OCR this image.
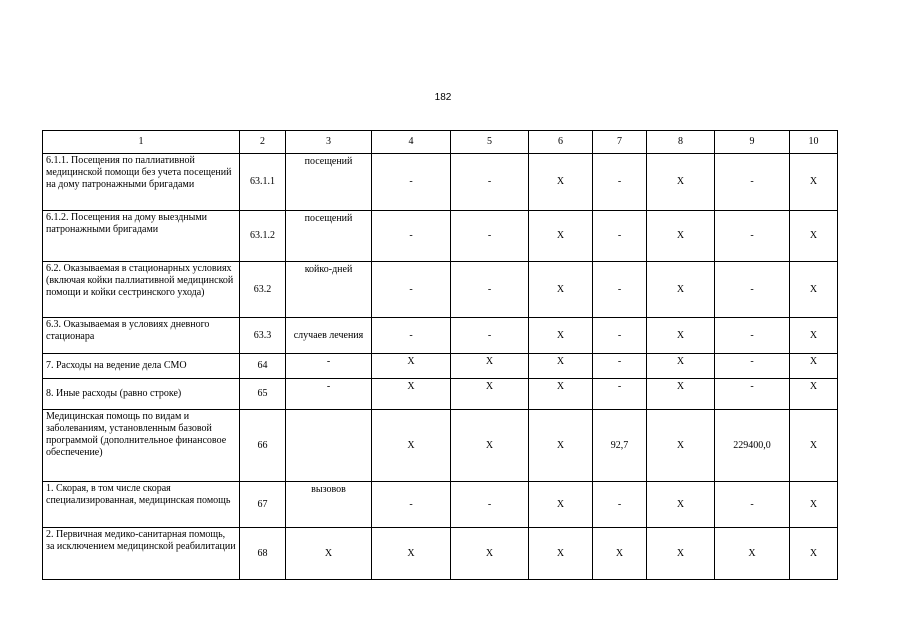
182
1	2	3	4	5	6	7	8	9	10
6.1.1. Посещения по паллиативной медицинской помощи без учета посещений на дому патронажными бригадами	63.1.1	посещений	-	-	X	-	X	-	X
6.1.2. Посещения на дому выездными патронажными бригадами	63.1.2	посещений	-	-	X	-	X	-	X
6.2. Оказываемая в стационарных условиях (включая койки паллиативной медицинской помощи и койки сестринского ухода)	63.2	койко-дней	-	-	X	-	X	-	X
6.3. Оказываемая в условиях дневного стационара	63.3	случаев лечения	-	-	X	-	X	-	X
7. Расходы на ведение дела СМО	64	-	X	X	X	-	X	-	X
8. Иные расходы (равно строке)	65	-	X	X	X	-	X	-	X
Медицинская помощь по видам и заболеваниям, установленным базовой программой (дополнительное финансовое обеспечение)	66		X	X	X	92,7	X	229400,0	X
1. Скорая, в том числе скорая специализированная, медицинская помощь	67	вызовов	-	-	X	-	X	-	X
2. Первичная медико-санитарная помощь, за исключением медицинской реабилитации	68	X	X	X	X	X	X	X	X
